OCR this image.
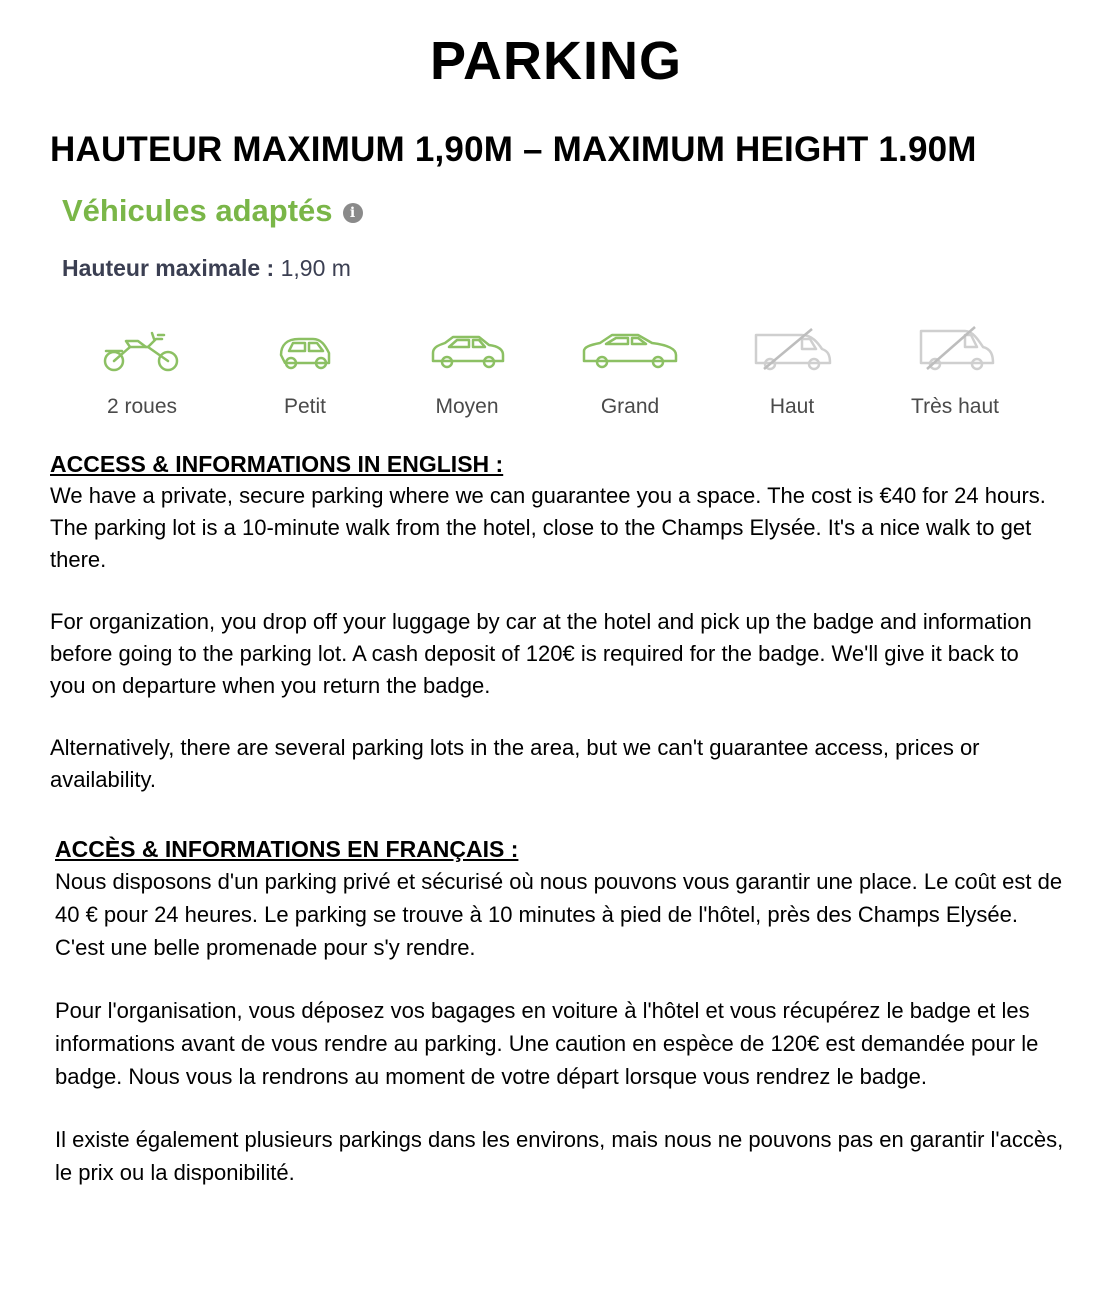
PARKING
HAUTEUR MAXIMUM 1,90M – MAXIMUM HEIGHT 1.90M
Véhicules adaptés	i
Hauteur maximale : 1,90 m
2 roues	Petit	Moyen	Grand	Haut	Très haut
ACCESS & INFORMATIONS IN ENGLISH :

We have a private, secure parking where we can guarantee you a space. The cost is €40 for 24 hours. The parking lot is a 10-minute walk from the hotel, close to the Champs Elysée. It's a nice walk to get there.

For organization, you drop off your luggage by car at the hotel and pick up the badge and information before going to the parking lot. A cash deposit of 120€ is required for the badge. We'll give it back to you on departure when you return the badge.

Alternatively, there are several parking lots in the area, but we can't guarantee access, prices or availability.

ACCÈS & INFORMATIONS EN FRANÇAIS :

Nous disposons d'un parking privé et sécurisé où nous pouvons vous garantir une place. Le coût est de 40 € pour 24 heures. Le parking se trouve à 10 minutes à pied de l'hôtel, près des Champs Elysée. C'est une belle promenade pour s'y rendre.

Pour l'organisation, vous déposez vos bagages en voiture à l'hôtel et vous récupérez le badge et les informations avant de vous rendre au parking. Une caution en espèce de 120€ est demandée pour le badge. Nous vous la rendrons au moment de votre départ lorsque vous rendrez le badge.

Il existe également plusieurs parkings dans les environs, mais nous ne pouvons pas en garantir l'accès, le prix ou la disponibilité.
